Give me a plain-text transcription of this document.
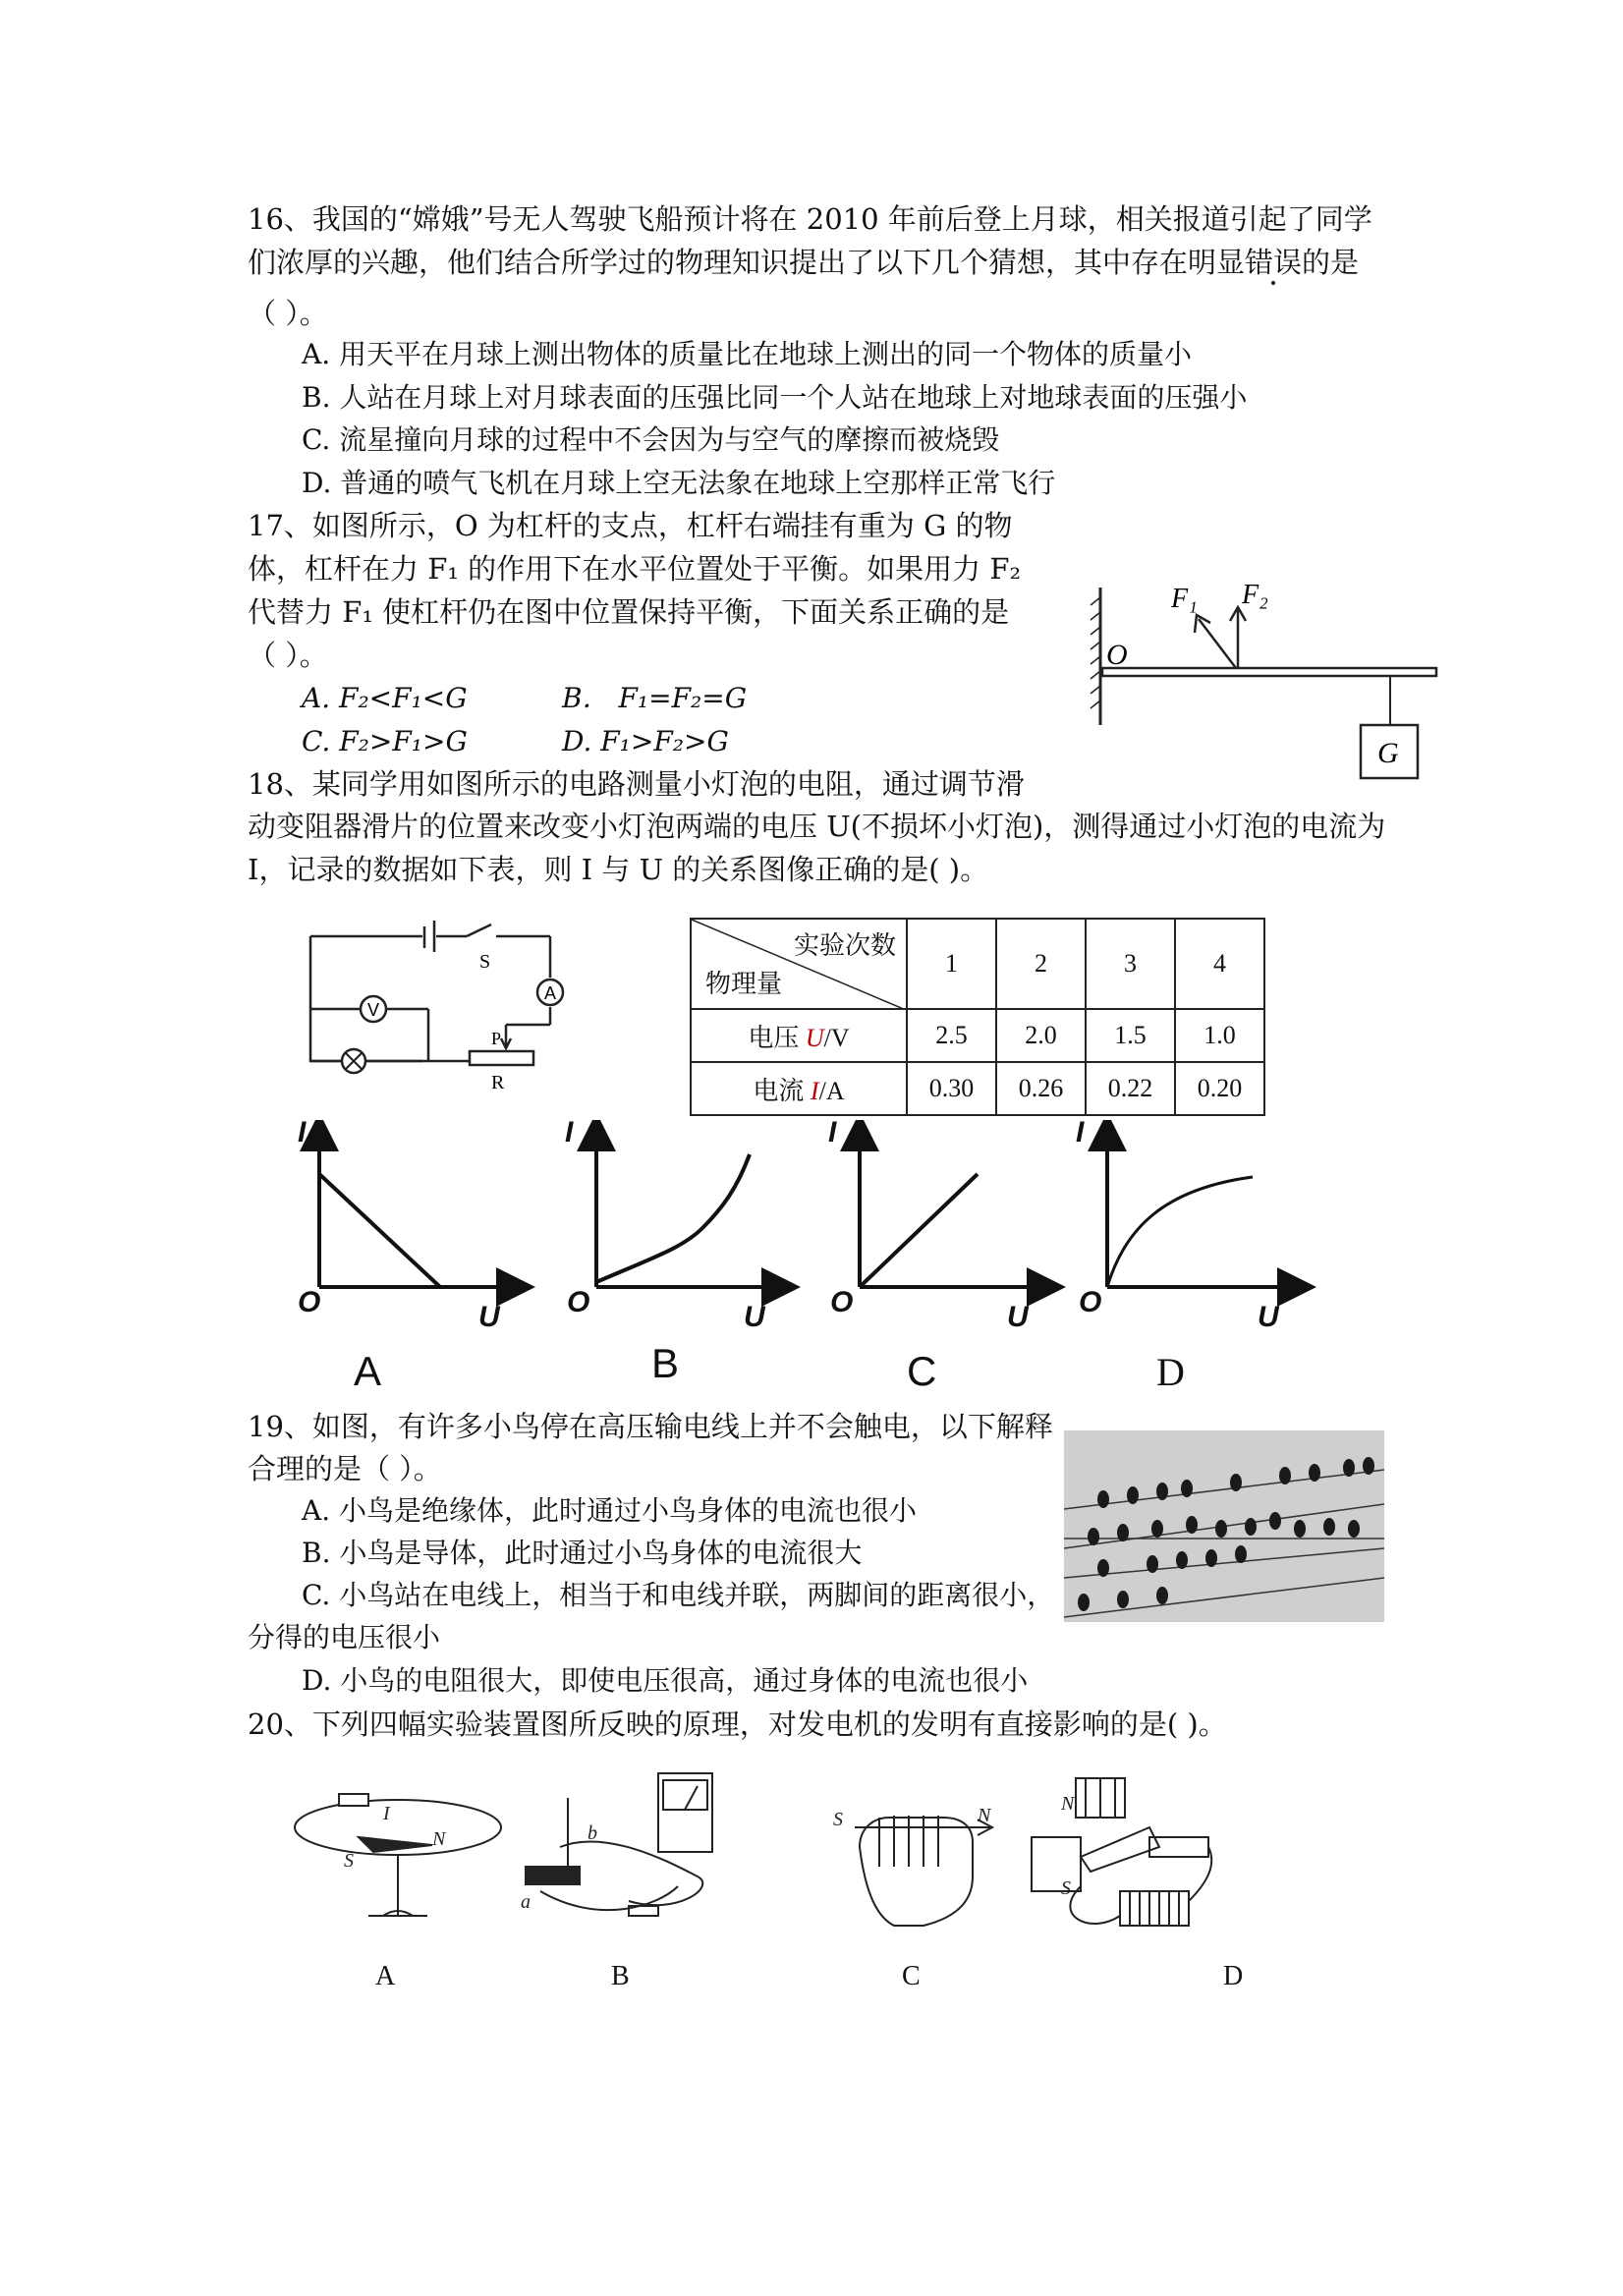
16、我国的“嫦娥”号无人驾驶飞船预计将在 2010 年前后登上月球，相关报道引起了同学
们浓厚的兴趣，他们结合所学过的物理知识提出了以下几个猜想，其中存在明显错误的是
（ ）。
A. 用天平在月球上测出物体的质量比在地球上测出的同一个物体的质量小
B. 人站在月球上对月球表面的压强比同一个人站在地球上对地球表面的压强小
C. 流星撞向月球的过程中不会因为与空气的摩擦而被烧毁
D. 普通的喷气飞机在月球上空无法象在地球上空那样正常飞行
17、如图所示，O 为杠杆的支点，杠杆右端挂有重为 G 的物
体，杠杆在力 F₁ 的作用下在水平位置处于平衡。如果用力 F₂
代替力 F₁ 使杠杆仍在图中位置保持平衡，下面关系正确的是
（ ）。
A. F₂<F₁<G	B． F₁=F₂=G
C. F₂>F₁>G	D. F₁>F₂>G
O
F₁ F₂
G
18、某同学用如图所示的电路测量小灯泡的电阻，通过调节滑
动变阻器滑片的位置来改变小灯泡两端的电压 U(不损坏小灯泡)，测得通过小灯泡的电流为
I，记录的数据如下表，则 I 与 U 的关系图像正确的是( )。
V
A
S
P
R
实验次数
物理量	1	2	3	4
电压 U/V	2.5	2.0	1.5	1.0
电流 I/A	0.30	0.26	0.22	0.20
I
O	U
I
O	U
I
O	U
I
O	U
A	B	C	D
19、如图，有许多小鸟停在高压输电线上并不会触电，以下解释
合理的是（ ）。
A. 小鸟是绝缘体，此时通过小鸟身体的电流也很小
B. 小鸟是导体，此时通过小鸟身体的电流很大
C. 小鸟站在电线上，相当于和电线并联，两脚间的距离很小，
分得的电压很小
D. 小鸟的电阻很大，即使电压很高，通过身体的电流也很小
20、下列四幅实验装置图所反映的原理，对发电机的发明有直接影响的是( )。
I
N
S
b
a
S	N
N
S
A	B	C	D
